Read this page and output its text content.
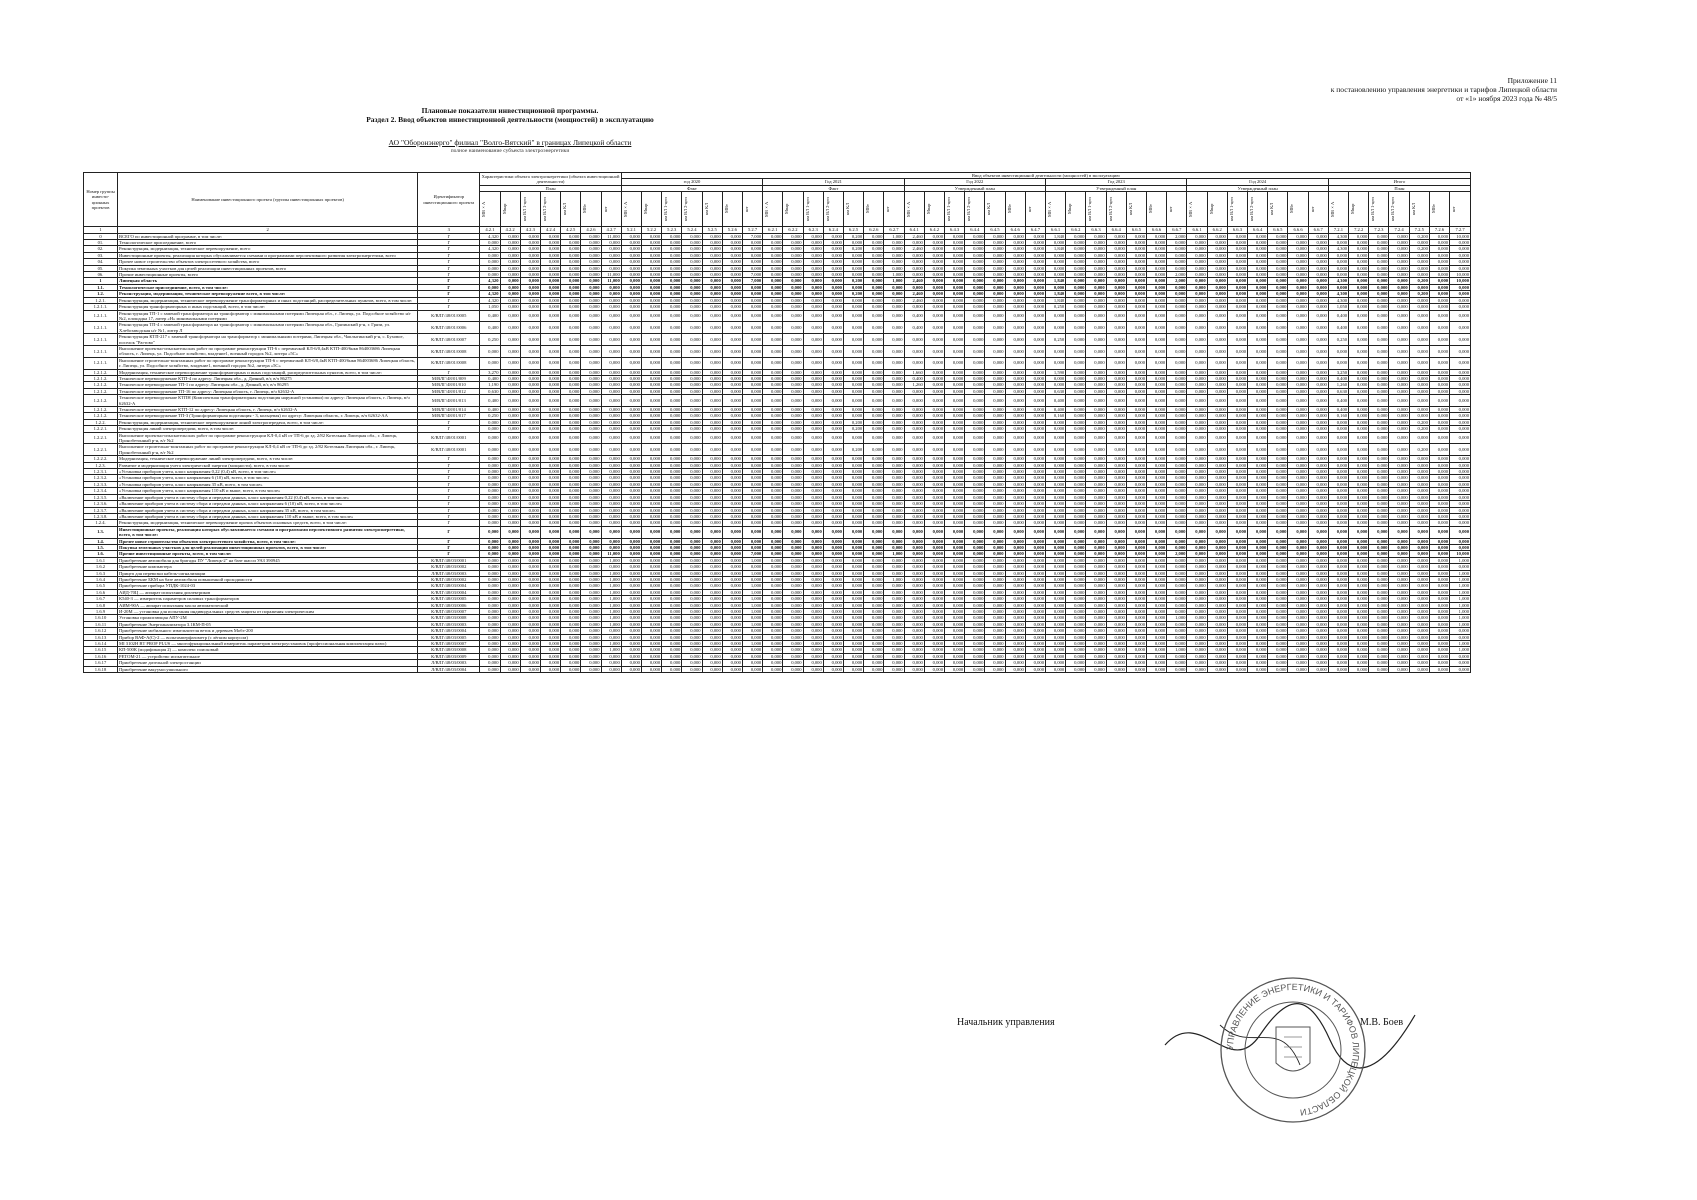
Приложение 11
к постановлению управления энергетики и тарифов Липецкой области
от «1» ноября 2023 года № 48/5
Плановые показатели инвестиционной программы.
Раздел 2. Ввод объектов инвестиционной деятельности (мощностей) в эксплуатацию
АО "Оборонэнерго" филиал "Волго-Вятский" в границах Липецкой области
полное наименование субъекта электроэнергетики
Номер группы инвести-ционных проектов	Наименование инвестиционного проекта (группы инвестиционных проектов)	Идентификатор инвестиционного проекта	Характеристики объекта электроэнергетики (объекта инвестиционной деятельности)							Ввод объектов инвестиционной деятельности (мощностей) в эксплуатацию																																									
										год 2020							Год 2021							Год 2022							Год 2023							Год 2024							Итого						
			План							Факт							Факт							Утвержденный план							Утвержденный план							Утвержденный план							План						

			МВ×А	Мвар	км ВЛ 1-цеп	км ВЛ 2-цеп	км КЛ	МВт	шт	МВ×А	Мвар	км ВЛ 1-цеп	км ВЛ 2-цеп	км КЛ	МВт	шт	МВ×А	Мвар	км ВЛ 1-цеп	км ВЛ 2-цеп	км КЛ	МВт	шт	МВ×А	Мвар	км ВЛ 1-цеп	км ВЛ 2-цеп	км КЛ	МВт	шт	МВ×А	Мвар	км ВЛ 1-цеп	км ВЛ 2-цеп	км КЛ	МВт	шт	МВ×А	Мвар	км ВЛ 1-цеп	км ВЛ 2-цеп	км КЛ	МВт	шт	МВ×А	Мвар	км ВЛ 1-цеп	км ВЛ 2-цеп	км КЛ	МВт	шт

1	2	3	4.2.1	4.2.2	4.2.3	4.2.4	4.2.5	4.2.6	4.2.7	5.2.1	5.2.2	5.2.3	5.2.4	5.2.5	5.2.6	5.2.7	6.2.1	6.2.2	6.2.3	6.2.4	6.2.5	6.2.6	6.2.7	6.4.1	6.4.2	6.4.3	6.4.4	6.4.5	6.4.6	6.4.7	6.6.1	6.6.2	6.6.3	6.6.4	6.6.5	6.6.6	6.6.7	6.6.1	6.6.2	6.6.3	6.6.4	6.6.5	6.6.6	6.6.7	7.2.1	7.2.2	7.2.3	7.2.4	7.2.5	7.2.6	7.2.7
0	ВСЕГО по инвестиционной программе, в том числе:	Г	4,320	0,000	0,000	0,000	0,000	0,000	11,000	0,000	0,000	0,000	0,000	0,000	0,000	7,000	0,000	0,000	0,000	0,000	0,200	0,000	1,000	2,460	0,000	0,000	0,000	0,000	0,000	0,000	1,840	0,000	0,000	0,000	0,000	0,000	2,000	0,000	0,000	0,000	0,000	0,000	0,000	0,000	4,300	0,000	0,000	0,000	0,200	0,000	10,000
01.	Технологическое присоединение, всего	Г	0,000	0,000	0,000	0,000	0,000	0,000	0,000	0,000	0,000	0,000	0,000	0,000	0,000	0,000	0,000	0,000	0,000	0,000	0,000	0,000	0,000	0,000	0,000	0,000	0,000	0,000	0,000	0,000	0,000	0,000	0,000	0,000	0,000	0,000	0,000	0,000	0,000	0,000	0,000	0,000	0,000	0,000	0,000	0,000	0,000	0,000	0,000	0,000	0,000
02.	Реконструкция, модернизация, техническое перевооружение, всего	Г	4,320	0,000	0,000	0,000	0,000	0,000	0,000	0,000	0,000	0,000	0,000	0,000	0,000	0,000	0,000	0,000	0,000	0,000	0,200	0,000	0,000	2,460	0,000	0,000	0,000	0,000	0,000	0,000	1,840	0,000	0,000	0,000	0,000	0,000	0,000	0,000	0,000	0,000	0,000	0,000	0,000	0,000	4,300	0,000	0,000	0,000	0,200	0,000	0,000
03.	Инвестиционные проекты, реализация которых обуславливается схемами и программами перспективного развития электроэнергетики, всего	Г	0,000	0,000	0,000	0,000	0,000	0,000	0,000	0,000	0,000	0,000	0,000	0,000	0,000	0,000	0,000	0,000	0,000	0,000	0,000	0,000	0,000	0,000	0,000	0,000	0,000	0,000	0,000	0,000	0,000	0,000	0,000	0,000	0,000	0,000	0,000	0,000	0,000	0,000	0,000	0,000	0,000	0,000	0,000	0,000	0,000	0,000	0,000	0,000	0,000
04.	Прочее новое строительство объектов электросетевого хозяйства, всего	Г	0,000	0,000	0,000	0,000	0,000	0,000	0,000	0,000	0,000	0,000	0,000	0,000	0,000	0,000	0,000	0,000	0,000	0,000	0,000	0,000	0,000	0,000	0,000	0,000	0,000	0,000	0,000	0,000	0,000	0,000	0,000	0,000	0,000	0,000	0,000	0,000	0,000	0,000	0,000	0,000	0,000	0,000	0,000	0,000	0,000	0,000	0,000	0,000	0,000
05.	Покупка земельных участков для целей реализации инвестиционных проектов, всего	Г	0,000	0,000	0,000	0,000	0,000	0,000	0,000	0,000	0,000	0,000	0,000	0,000	0,000	0,000	0,000	0,000	0,000	0,000	0,000	0,000	0,000	0,000	0,000	0,000	0,000	0,000	0,000	0,000	0,000	0,000	0,000	0,000	0,000	0,000	0,000	0,000	0,000	0,000	0,000	0,000	0,000	0,000	0,000	0,000	0,000	0,000	0,000	0,000	0,000
06.	Прочие инвестиционные проекты, всего	Г	0,000	0,000	0,000	0,000	0,000	0,000	11,000	0,000	0,000	0,000	0,000	0,000	0,000	7,000	0,000	0,000	0,000	0,000	0,000	0,000	1,000	0,000	0,000	0,000	0,000	0,000	0,000	0,000	0,000	0,000	0,000	0,000	0,000	0,000	2,000	0,000	0,000	0,000	0,000	0,000	0,000	0,000	0,000	0,000	0,000	0,000	0,000	0,000	10,000
1	Липецкая область	Г	4,320	0,000	0,000	0,000	0,000	0,000	11,000	0,000	0,000	0,000	0,000	0,000	0,000	7,000	0,000	0,000	0,000	0,000	0,200	0,000	1,000	2,460	0,000	0,000	0,000	0,000	0,000	0,000	1,840	0,000	0,000	0,000	0,000	0,000	2,000	0,000	0,000	0,000	0,000	0,000	0,000	0,000	4,300	0,000	0,000	0,000	0,200	0,000	10,000
1.1.	Технологическое присоединение, всего, в том числе:	Г	0,000	0,000	0,000	0,000	0,000	0,000	0,000	0,000	0,000	0,000	0,000	0,000	0,000	0,000	0,000	0,000	0,000	0,000	0,000	0,000	0,000	0,000	0,000	0,000	0,000	0,000	0,000	0,000	0,000	0,000	0,000	0,000	0,000	0,000	0,000	0,000	0,000	0,000	0,000	0,000	0,000	0,000	0,000	0,000	0,000	0,000	0,000	0,000	0,000
1.2.	Реконструкция, модернизация, техническое перевооружение всего, в том числе:	Г	4,320	0,000	0,000	0,000	0,000	0,000	0,000	0,000	0,000	0,000	0,000	0,000	0,000	0,000	0,000	0,000	0,000	0,000	0,200	0,000	0,000	2,460	0,000	0,000	0,000	0,000	0,000	0,000	1,840	0,000	0,000	0,000	0,000	0,000	0,000	0,000	0,000	0,000	0,000	0,000	0,000	0,000	4,300	0,000	0,000	0,000	0,200	0,000	0,000
1.2.1.	Реконструкция, модернизация, техническое перевооружение трансформаторных и иных подстанций, распределительных пунктов, всего, в том числе:	Г	4,320	0,000	0,000	0,000	0,000	0,000	0,000	0,000	0,000	0,000	0,000	0,000	0,000	0,000	0,000	0,000	0,000	0,000	0,000	0,000	0,000	2,460	0,000	0,000	0,000	0,000	0,000	0,000	1,840	0,000	0,000	0,000	0,000	0,000	0,000	0,000	0,000	0,000	0,000	0,000	0,000	0,000	4,300	0,000	0,000	0,000	0,000	0,000	0,000
1.2.1.1.	Реконструкция трансформаторных и иных подстанций, всего, в том числе:	Г	1,050	0,000	0,000	0,000	0,000	0,000	0,000	0,000	0,000	0,000	0,000	0,000	0,000	0,000	0,000	0,000	0,000	0,000	0,000	0,000	0,000	0,800	0,000	0,000	0,000	0,000	0,000	0,000	0,250	0,000	0,000	0,000	0,000	0,000	0,000	0,000	0,000	0,000	0,000	0,000	0,000	0,000	1,050	0,000	0,000	0,000	0,000	0,000	0,000
1.2.1.1.	Реконструкция ТП-1 с заменой трансформатора на трансформатор с минимальными потерями Липецкая обл., г. Липецк, ул. Подсобное хозяйство н/г №2, площадка 17, литер «Н» минимальными потерями	К/ВЛГ/48/01/0005	0,400	0,000	0,000	0,000	0,000	0,000	0,000	0,000	0,000	0,000	0,000	0,000	0,000	0,000	0,000	0,000	0,000	0,000	0,000	0,000	0,000	0,400	0,000	0,000	0,000	0,000	0,000	0,000	0,000	0,000	0,000	0,000	0,000	0,000	0,000	0,000	0,000	0,000	0,000	0,000	0,000	0,000	0,400	0,000	0,000	0,000	0,000	0,000	0,000
1.2.1.1.	Реконструкция ТП-4 с заменой трансформатора на трансформатор с минимальными потерями Липецкая обл., Грязинский р-н, г. Грязи, ул. Хлебозаводская н/г №1, литер Л	К/ВЛГ/48/01/0006	0,400	0,000	0,000	0,000	0,000	0,000	0,000	0,000	0,000	0,000	0,000	0,000	0,000	0,000	0,000	0,000	0,000	0,000	0,000	0,000	0,000	0,400	0,000	0,000	0,000	0,000	0,000	0,000	0,000	0,000	0,000	0,000	0,000	0,000	0,000	0,000	0,000	0,000	0,000	0,000	0,000	0,000	0,400	0,000	0,000	0,000	0,000	0,000	0,000
1.2.1.1.	Реконструкция КТП-217 с заменой трансформатора на трансформатор с минимальными потерями, Липецкая обл., Чаплыгинский р-н, с. Буховое, поселок "Рагтово"	К/ВЛГ/48/01/0007	0,250	0,000	0,000	0,000	0,000	0,000	0,000	0,000	0,000	0,000	0,000	0,000	0,000	0,000	0,000	0,000	0,000	0,000	0,000	0,000	0,000	0,000	0,000	0,000	0,000	0,000	0,000	0,000	0,250	0,000	0,000	0,000	0,000	0,000	0,000	0,000	0,000	0,000	0,000	0,000	0,000	0,000	0,250	0,000	0,000	0,000	0,000	0,000	0,000
1.2.1.1.	Выполнение проектно-изыскательских работ по программе реконструкции ТП-6 с перемычкой КЛ-6/0,4кВ КТП-400/6нкв 864003686 Липецкая область, г. Липецк, ул. Подсобное хозяйство, владение1, военный городок №2, литера «5С»	К/ВЛГ/48/01/0008	0,000	0,000	0,000	0,000	0,000	0,000	0,000	0,000	0,000	0,000	0,000	0,000	0,000	0,000	0,000	0,000	0,000	0,000	0,000	0,000	0,000	0,000	0,000	0,000	0,000	0,000	0,000	0,000	0,000	0,000	0,000	0,000	0,000	0,000	0,000	0,000	0,000	0,000	0,000	0,000	0,000	0,000	0,000	0,000	0,000	0,000	0,000	0,000	0,000
1.2.1.1.	Выполнение строительно-монтажных работ по программе реконструкции ТП-6 с перемычкой КЛ-6/0,4кВ КТП-400/6нкв 864003686 Липецкая область, г. Липецк, ул. Подсобное хозяйство, владение1, военный городок №2, литера «5С»	К/ВЛГ/48/01/0008	0,000	0,000	0,000	0,000	0,000	0,000	0,000	0,000	0,000	0,000	0,000	0,000	0,000	0,000	0,000	0,000	0,000	0,000	0,000	0,000	0,000	0,000	0,000	0,000	0,000	0,000	0,000	0,000	0,000	0,000	0,000	0,000	0,000	0,000	0,000	0,000	0,000	0,000	0,000	0,000	0,000	0,000	0,000	0,000	0,000	0,000	0,000	0,000	0,000
1.2.1.2.	Модернизация, техническое перевооружение трансформаторных и иных подстанций, распределительных пунктов, всего, в том числе:	Г	3,270	0,000	0,000	0,000	0,000	0,000	0,000	0,000	0,000	0,000	0,000	0,000	0,000	0,000	0,000	0,000	0,000	0,000	0,000	0,000	0,000	1,660	0,000	0,000	0,000	0,000	0,000	0,000	1,590	0,000	0,000	0,000	0,000	0,000	0,000	0,000	0,000	0,000	0,000	0,000	0,000	0,000	3,250	0,000	0,000	0,000	0,000	0,000	0,000
1.2.1.2.	Техническое перевооружение КТП-4 по адресу: Липецкая обл., д. Дачный, в/г, в/ч 86275	М/ВЛГ/48/01/009	0,400	0,000	0,000	0,000	0,000	0,000	0,000	0,000	0,000	0,000	0,000	0,000	0,000	0,000	0,000	0,000	0,000	0,000	0,000	0,000	0,000	0,400	0,000	0,000	0,000	0,000	0,000	0,000	0,000	0,000	0,000	0,000	0,000	0,000	0,000	0,000	0,000	0,000	0,000	0,000	0,000	0,000	0,400	0,000	0,000	0,000	0,000	0,000	0,000
1.2.1.2.	Техническое перевооружение ТП-1 по адресу: Липецкая обл., д. Дачный, в/г, в/ч 86295	М/ВЛГ/48/01/010	1,190	0,000	0,000	0,000	0,000	0,000	0,000	0,000	0,000	0,000	0,000	0,000	0,000	0,000	0,000	0,000	0,000	0,000	0,000	0,000	0,000	1,260	0,000	0,000	0,000	0,000	0,000	0,000	0,000	0,000	0,000	0,000	0,000	0,000	0,000	0,000	0,000	0,000	0,000	0,000	0,000	0,000	1,260	0,000	0,000	0,000	0,000	0,000	0,000
1.2.1.2.	Техническое перевооружение ТП-16 по адресу: Липецкая область, г. Липецк, в/ч 62632-А	М/ВЛГ/48/01/012	0,630	0,000	0,000	0,000	0,000	0,000	0,000	0,000	0,000	0,000	0,000	0,000	0,000	0,000	0,000	0,000	0,000	0,000	0,000	0,000	0,000	0,000	0,000	0,000	0,000	0,000	0,000	0,000	0,630	0,000	0,000	0,000	0,000	0,000	0,000	0,000	0,000	0,000	0,000	0,000	0,000	0,000	0,630	0,000	0,000	0,000	0,000	0,000	0,000
1.2.1.2.	Техническое перевооружение КТПН (Комплектная трансформаторная подстанция наружной установки) по адресу: Липецкая область, г. Липецк, в/ч 62632-А	М/ВЛГ/48/01/013	0,400	0,000	0,000	0,000	0,000	0,000	0,000	0,000	0,000	0,000	0,000	0,000	0,000	0,000	0,000	0,000	0,000	0,000	0,000	0,000	0,000	0,000	0,000	0,000	0,000	0,000	0,000	0,000	0,400	0,000	0,000	0,000	0,000	0,000	0,000	0,000	0,000	0,000	0,000	0,000	0,000	0,000	0,400	0,000	0,000	0,000	0,000	0,000	0,000
1.2.1.2.	Техническое перевооружение КТП-12 по адресу: Липецкая область, г. Липецк, в/ч 62632-А	М/ВЛГ/48/01/014	0,400	0,000	0,000	0,000	0,000	0,000	0,000	0,000	0,000	0,000	0,000	0,000	0,000	0,000	0,000	0,000	0,000	0,000	0,000	0,000	0,000	0,000	0,000	0,000	0,000	0,000	0,000	0,000	0,400	0,000	0,000	0,000	0,000	0,000	0,000	0,000	0,000	0,000	0,000	0,000	0,000	0,000	0,400	0,000	0,000	0,000	0,000	0,000	0,000
1.2.1.2.	Техническое перевооружение ТП-3 (Трансформаторная подстанция - 3, кольцевая) по адресу: Липецкая область, г. Липецк, в/ч 62632-АА	М/ВЛГ/48/01/017	0,250	0,000	0,000	0,000	0,000	0,000	0,000	0,000	0,000	0,000	0,000	0,000	0,000	0,000	0,000	0,000	0,000	0,000	0,000	0,000	0,000	0,000	0,000	0,000	0,000	0,000	0,000	0,000	0,160	0,000	0,000	0,000	0,000	0,000	0,000	0,000	0,000	0,000	0,000	0,000	0,000	0,000	0,160	0,000	0,000	0,000	0,000	0,000	0,000
1.2.2.	Реконструкция, модернизация, техническое перевооружение линий электропередачи, всего, в том числе:	Г	0,000	0,000	0,000	0,000	0,000	0,000	0,000	0,000	0,000	0,000	0,000	0,000	0,000	0,000	0,000	0,000	0,000	0,000	0,200	0,000	0,000	0,000	0,000	0,000	0,000	0,000	0,000	0,000	0,000	0,000	0,000	0,000	0,000	0,000	0,000	0,000	0,000	0,000	0,000	0,000	0,000	0,000	0,000	0,000	0,000	0,000	0,200	0,000	0,000
1.2.2.1.	Реконструкция линий электропередачи, всего, в том числе:	Г	0,000	0,000	0,000	0,000	0,000	0,000	0,000	0,000	0,000	0,000	0,000	0,000	0,000	0,000	0,000	0,000	0,000	0,000	0,200	0,000	0,000	0,000	0,000	0,000	0,000	0,000	0,000	0,000	0,000	0,000	0,000	0,000	0,000	0,000	0,000	0,000	0,000	0,000	0,000	0,000	0,000	0,000	0,000	0,000	0,000	0,000	0,200	0,000	0,000
1.2.2.1.	Выполнение проектно-изыскательских работ по программе реконструкции КЛ-0,4 кВ от ТП-6 до зд. 2/82 Котельная Липецкая обл., г. Липецк, Пронобетонный р-н, в/г №2	К/ВЛГ/48/01/0001	0,000	0,000	0,000	0,000	0,000	0,000	0,000	0,000	0,000	0,000	0,000	0,000	0,000	0,000	0,000	0,000	0,000	0,000	0,000	0,000	0,000	0,000	0,000	0,000	0,000	0,000	0,000	0,000	0,000	0,000	0,000	0,000	0,000	0,000	0,000	0,000	0,000	0,000	0,000	0,000	0,000	0,000	0,000	0,000	0,000	0,000	0,000	0,000	0,000
1.2.2.1.	Выполнение строительно-монтажных работ по программе реконструкции КЛ-0,4 кВ от ТП-6 до зд. 2/82 Котельная Липецкая обл., г. Липецк, Пронобетонный р-н, в/г №2	К/ВЛГ/48/01/0001	0,000	0,000	0,000	0,000	0,000	0,000	0,000	0,000	0,000	0,000	0,000	0,000	0,000	0,000	0,000	0,000	0,000	0,000	0,200	0,000	0,000	0,000	0,000	0,000	0,000	0,000	0,000	0,000	0,000	0,000	0,000	0,000	0,000	0,000	0,000	0,000	0,000	0,000	0,000	0,000	0,000	0,000	0,000	0,000	0,000	0,000	0,200	0,000	0,000
1.2.2.2.	Модернизация, техническое перевооружение линий электропередачи, всего, в том числе:	Г	0,000	0,000	0,000	0,000	0,000	0,000	0,000	0,000	0,000	0,000	0,000	0,000	0,000	0,000	0,000	0,000	0,000	0,000	0,000	0,000	0,000	0,000	0,000	0,000	0,000	0,000	0,000	0,000	0,000	0,000	0,000	0,000	0,000	0,000	0,000	0,000	0,000	0,000	0,000	0,000	0,000	0,000	0,000	0,000	0,000	0,000	0,000	0,000	0,000
1.2.3.	Развитие и модернизация учета электрической энергии (мощности), всего, в том числе:	Г	0,000	0,000	0,000	0,000	0,000	0,000	0,000	0,000	0,000	0,000	0,000	0,000	0,000	0,000	0,000	0,000	0,000	0,000	0,000	0,000	0,000	0,000	0,000	0,000	0,000	0,000	0,000	0,000	0,000	0,000	0,000	0,000	0,000	0,000	0,000	0,000	0,000	0,000	0,000	0,000	0,000	0,000	0,000	0,000	0,000	0,000	0,000	0,000	0,000
1.2.3.1.	«Установка приборов учета, класс напряжения 0,22 (0,4) кВ, всего, в том числе»	Г	0,000	0,000	0,000	0,000	0,000	0,000	0,000	0,000	0,000	0,000	0,000	0,000	0,000	0,000	0,000	0,000	0,000	0,000	0,000	0,000	0,000	0,000	0,000	0,000	0,000	0,000	0,000	0,000	0,000	0,000	0,000	0,000	0,000	0,000	0,000	0,000	0,000	0,000	0,000	0,000	0,000	0,000	0,000	0,000	0,000	0,000	0,000	0,000	0,000
1.2.3.2.	«Установка приборов учета, класс напряжения 6 (10) кВ, всего, в том числе»	Г	0,000	0,000	0,000	0,000	0,000	0,000	0,000	0,000	0,000	0,000	0,000	0,000	0,000	0,000	0,000	0,000	0,000	0,000	0,000	0,000	0,000	0,000	0,000	0,000	0,000	0,000	0,000	0,000	0,000	0,000	0,000	0,000	0,000	0,000	0,000	0,000	0,000	0,000	0,000	0,000	0,000	0,000	0,000	0,000	0,000	0,000	0,000	0,000	0,000
1.2.3.3.	«Установка приборов учета, класс напряжения 35 кВ, всего, в том числе»	Г	0,000	0,000	0,000	0,000	0,000	0,000	0,000	0,000	0,000	0,000	0,000	0,000	0,000	0,000	0,000	0,000	0,000	0,000	0,000	0,000	0,000	0,000	0,000	0,000	0,000	0,000	0,000	0,000	0,000	0,000	0,000	0,000	0,000	0,000	0,000	0,000	0,000	0,000	0,000	0,000	0,000	0,000	0,000	0,000	0,000	0,000	0,000	0,000	0,000
1.2.3.4.	«Установка приборов учета, класс напряжения 110 кВ и выше, всего, в том числе»	Г	0,000	0,000	0,000	0,000	0,000	0,000	0,000	0,000	0,000	0,000	0,000	0,000	0,000	0,000	0,000	0,000	0,000	0,000	0,000	0,000	0,000	0,000	0,000	0,000	0,000	0,000	0,000	0,000	0,000	0,000	0,000	0,000	0,000	0,000	0,000	0,000	0,000	0,000	0,000	0,000	0,000	0,000	0,000	0,000	0,000	0,000	0,000	0,000	0,000
1.2.3.5.	«Включение приборов учета в систему сбора и передачи данных, класс напряжения 0,22 (0,4) кВ, всего, в том числе»	Г	0,000	0,000	0,000	0,000	0,000	0,000	0,000	0,000	0,000	0,000	0,000	0,000	0,000	0,000	0,000	0,000	0,000	0,000	0,000	0,000	0,000	0,000	0,000	0,000	0,000	0,000	0,000	0,000	0,000	0,000	0,000	0,000	0,000	0,000	0,000	0,000	0,000	0,000	0,000	0,000	0,000	0,000	0,000	0,000	0,000	0,000	0,000	0,000	0,000
1.2.3.6.	«Включение приборов учета в систему сбора и передачи данных, класс напряжения 6 (10) кВ, всего, в том числе»	Г	0,000	0,000	0,000	0,000	0,000	0,000	0,000	0,000	0,000	0,000	0,000	0,000	0,000	0,000	0,000	0,000	0,000	0,000	0,000	0,000	0,000	0,000	0,000	0,000	0,000	0,000	0,000	0,000	0,000	0,000	0,000	0,000	0,000	0,000	0,000	0,000	0,000	0,000	0,000	0,000	0,000	0,000	0,000	0,000	0,000	0,000	0,000	0,000	0,000
1.2.3.7.	«Включение приборов учета в систему сбора и передачи данных, класс напряжения 35 кВ, всего, в том числе»	Г	0,000	0,000	0,000	0,000	0,000	0,000	0,000	0,000	0,000	0,000	0,000	0,000	0,000	0,000	0,000	0,000	0,000	0,000	0,000	0,000	0,000	0,000	0,000	0,000	0,000	0,000	0,000	0,000	0,000	0,000	0,000	0,000	0,000	0,000	0,000	0,000	0,000	0,000	0,000	0,000	0,000	0,000	0,000	0,000	0,000	0,000	0,000	0,000	0,000
1.2.3.8.	«Включение приборов учета в систему сбора и передачи данных, класс напряжения 110 кВ и выше, всего, в том числе»	Г	0,000	0,000	0,000	0,000	0,000	0,000	0,000	0,000	0,000	0,000	0,000	0,000	0,000	0,000	0,000	0,000	0,000	0,000	0,000	0,000	0,000	0,000	0,000	0,000	0,000	0,000	0,000	0,000	0,000	0,000	0,000	0,000	0,000	0,000	0,000	0,000	0,000	0,000	0,000	0,000	0,000	0,000	0,000	0,000	0,000	0,000	0,000	0,000	0,000
1.2.4.	Реконструкция, модернизация, техническое перевооружение прочих объектов основных средств, всего, в том числе:	Г	0,000	0,000	0,000	0,000	0,000	0,000	0,000	0,000	0,000	0,000	0,000	0,000	0,000	0,000	0,000	0,000	0,000	0,000	0,000	0,000	0,000	0,000	0,000	0,000	0,000	0,000	0,000	0,000	0,000	0,000	0,000	0,000	0,000	0,000	0,000	0,000	0,000	0,000	0,000	0,000	0,000	0,000	0,000	0,000	0,000	0,000	0,000	0,000	0,000
1.3.	Инвестиционные проекты, реализация которых обуславливается схемами и программами перспективного развития электроэнергетики, всего, в том числе:	Г	0,000	0,000	0,000	0,000	0,000	0,000	0,000	0,000	0,000	0,000	0,000	0,000	0,000	0,000	0,000	0,000	0,000	0,000	0,000	0,000	0,000	0,000	0,000	0,000	0,000	0,000	0,000	0,000	0,000	0,000	0,000	0,000	0,000	0,000	0,000	0,000	0,000	0,000	0,000	0,000	0,000	0,000	0,000	0,000	0,000	0,000	0,000	0,000	0,000
1.4.	Прочее новое строительство объектов электросетевого хозяйства, всего, в том числе:	Г	0,000	0,000	0,000	0,000	0,000	0,000	0,000	0,000	0,000	0,000	0,000	0,000	0,000	0,000	0,000	0,000	0,000	0,000	0,000	0,000	0,000	0,000	0,000	0,000	0,000	0,000	0,000	0,000	0,000	0,000	0,000	0,000	0,000	0,000	0,000	0,000	0,000	0,000	0,000	0,000	0,000	0,000	0,000	0,000	0,000	0,000	0,000	0,000	0,000
1.5.	Покупка земельных участков для целей реализации инвестиционных проектов, всего, в том числе:	Г	0,000	0,000	0,000	0,000	0,000	0,000	0,000	0,000	0,000	0,000	0,000	0,000	0,000	0,000	0,000	0,000	0,000	0,000	0,000	0,000	0,000	0,000	0,000	0,000	0,000	0,000	0,000	0,000	0,000	0,000	0,000	0,000	0,000	0,000	0,000	0,000	0,000	0,000	0,000	0,000	0,000	0,000	0,000	0,000	0,000	0,000	0,000	0,000	0,000
1.6.	Прочие инвестиционные проекты, всего, в том числе:	Г	0,000	0,000	0,000	0,000	0,000	0,000	11,000	0,000	0,000	0,000	0,000	0,000	0,000	7,000	0,000	0,000	0,000	0,000	0,000	0,000	1,000	0,000	0,000	0,000	0,000	0,000	0,000	0,000	0,000	0,000	0,000	0,000	0,000	0,000	2,000	0,000	0,000	0,000	0,000	0,000	0,000	0,000	0,000	0,000	0,000	0,000	0,000	0,000	10,000
1.6.1	Приобретение автомобиля для бригады ПУ "Липецк-2" на базе шасси УАЗ 390945	К/ВЛГ/48/03/0001	0,000	0,000	0,000	0,000	0,000	0,000	1,000	0,000	0,000	0,000	0,000	0,000	0,000	1,000	0,000	0,000	0,000	0,000	0,000	0,000	0,000	0,000	0,000	0,000	0,000	0,000	0,000	0,000	0,000	0,000	0,000	0,000	0,000	0,000	0,000	0,000	0,000	0,000	0,000	0,000	0,000	0,000	0,000	0,000	0,000	0,000	0,000	0,000	1,000
1.6.2	Приобретение компьютера	К/ВЛГ/48/03/0002	0,000	0,000	0,000	0,000	0,000	0,000	0,000	0,000	0,000	0,000	0,000	0,000	0,000	0,000	0,000	0,000	0,000	0,000	0,000	0,000	0,000	0,000	0,000	0,000	0,000	0,000	0,000	0,000	0,000	0,000	0,000	0,000	0,000	0,000	0,000	0,000	0,000	0,000	0,000	0,000	0,000	0,000	0,000	0,000	0,000	0,000	0,000	0,000	0,000
1.6.3	Прицеп для перевозки кабель-сигнализации	Л/ВЛГ/48/03/0003	0,000	0,000	0,000	0,000	0,000	0,000	1,000	0,000	0,000	0,000	0,000	0,000	0,000	1,000	0,000	0,000	0,000	0,000	0,000	0,000	0,000	0,000	0,000	0,000	0,000	0,000	0,000	0,000	0,000	0,000	0,000	0,000	0,000	0,000	0,000	0,000	0,000	0,000	0,000	0,000	0,000	0,000	0,000	0,000	0,000	0,000	0,000	0,000	1,000
1.6.4	Приобретение БКМ на базе автомобиля повышенной проходимости	К/ВЛГ/48/03/0002	0,000	0,000	0,000	0,000	0,000	0,000	1,000	0,000	0,000	0,000	0,000	0,000	0,000	0,000	0,000	0,000	0,000	0,000	0,000	0,000	1,000	0,000	0,000	0,000	0,000	0,000	0,000	0,000	0,000	0,000	0,000	0,000	0,000	0,000	0,000	0,000	0,000	0,000	0,000	0,000	0,000	0,000	0,000	0,000	0,000	0,000	0,000	0,000	1,000
1.6.5	Приобретение прибора УПДК-1024-03	К/ВЛГ/48/03/0004	0,000	0,000	0,000	0,000	0,000	0,000	1,000	0,000	0,000	0,000	0,000	0,000	0,000	1,000	0,000	0,000	0,000	0,000	0,000	0,000	0,000	0,000	0,000	0,000	0,000	0,000	0,000	0,000	0,000	0,000	0,000	0,000	0,000	0,000	0,000	0,000	0,000	0,000	0,000	0,000	0,000	0,000	0,000	0,000	0,000	0,000	0,000	0,000	1,000
1.6.6	АИД-70Ц — аппарат испытания диэлектриков	К/ВЛГ/48/03/0004	0,000	0,000	0,000	0,000	0,000	0,000	1,000	0,000	0,000	0,000	0,000	0,000	0,000	1,000	0,000	0,000	0,000	0,000	0,000	0,000	0,000	0,000	0,000	0,000	0,000	0,000	0,000	0,000	0,000	0,000	0,000	0,000	0,000	0,000	0,000	0,000	0,000	0,000	0,000	0,000	0,000	0,000	0,000	0,000	0,000	0,000	0,000	0,000	1,000
1.6.7	К540-3 — измеритель параметров силовых трансформаторов	К/ВЛГ/48/03/0005	0,000	0,000	0,000	0,000	0,000	0,000	1,000	0,000	0,000	0,000	0,000	0,000	0,000	1,000	0,000	0,000	0,000	0,000	0,000	0,000	0,000	0,000	0,000	0,000	0,000	0,000	0,000	0,000	0,000	0,000	0,000	0,000	0,000	0,000	0,000	0,000	0,000	0,000	0,000	0,000	0,000	0,000	0,000	0,000	0,000	0,000	0,000	0,000	1,000
1.6.8	АИМ-90А — аппарат испытания масла автоматический	К/ВЛГ/48/03/0006	0,000	0,000	0,000	0,000	0,000	0,000	1,000	0,000	0,000	0,000	0,000	0,000	0,000	1,000	0,000	0,000	0,000	0,000	0,000	0,000	0,000	0,000	0,000	0,000	0,000	0,000	0,000	0,000	0,000	0,000	0,000	0,000	0,000	0,000	0,000	0,000	0,000	0,000	0,000	0,000	0,000	0,000	0,000	0,000	0,000	0,000	0,000	0,000	1,000
1.6.9	И-20М — установка для испытания индивидуальных средств защиты от поражения электрическим	К/ВЛГ/48/03/0007	0,000	0,000	0,000	0,000	0,000	0,000	1,000	0,000	0,000	0,000	0,000	0,000	0,000	1,000	0,000	0,000	0,000	0,000	0,000	0,000	0,000	0,000	0,000	0,000	0,000	0,000	0,000	0,000	0,000	0,000	0,000	0,000	0,000	0,000	0,000	0,000	0,000	0,000	0,000	0,000	0,000	0,000	0,000	0,000	0,000	0,000	0,000	0,000	1,000
1.6.10	Установка прожигающая АПУ-2М	К/ВЛГ/48/03/0008	0,000	0,000	0,000	0,000	0,000	0,000	1,000	0,000	0,000	0,000	0,000	0,000	0,000	0,000	0,000	0,000	0,000	0,000	0,000	0,000	0,000	0,000	0,000	0,000	0,000	0,000	0,000	0,000	0,000	0,000	0,000	0,000	0,000	0,000	1,000	0,000	0,000	0,000	0,000	0,000	0,000	0,000	0,000	0,000	0,000	0,000	0,000	0,000	1,000
1.6.11	Приобретение Энергоанализатора 3.1КМ-П-05	К/ВЛГ/48/03/0003	0,000	0,000	0,000	0,000	0,000	0,000	1,000	0,000	0,000	0,000	0,000	0,000	0,000	1,000	0,000	0,000	0,000	0,000	0,000	0,000	0,000	0,000	0,000	0,000	0,000	0,000	0,000	0,000	0,000	0,000	0,000	0,000	0,000	0,000	0,000	0,000	0,000	0,000	0,000	0,000	0,000	0,000	0,000	0,000	0,000	0,000	0,000	0,000	1,000
1.6.12	Приобретение мобильного измельчителя веток и деревьев Мобэ-200	К/ВЛГ/48/03/0004	0,000	0,000	0,000	0,000	0,000	0,000	0,000	0,000	0,000	0,000	0,000	0,000	0,000	0,000	0,000	0,000	0,000	0,000	0,000	0,000	0,000	0,000	0,000	0,000	0,000	0,000	0,000	0,000	0,000	0,000	0,000	0,000	0,000	0,000	0,000	0,000	0,000	0,000	0,000	0,000	0,000	0,000	0,000	0,000	0,000	0,000	0,000	0,000	0,000
1.6.13	Прибор ВАФ-А(С)-2 — вольтамперфазометр (с лёгким корпусом)	К/ВЛГ/48/03/0005	0,000	0,000	0,000	0,000	0,000	0,000	0,000	0,000	0,000	0,000	0,000	0,000	0,000	0,000	0,000	0,000	0,000	0,000	0,000	0,000	0,000	0,000	0,000	0,000	0,000	0,000	0,000	0,000	0,000	0,000	0,000	0,000	0,000	0,000	0,000	0,000	0,000	0,000	0,000	0,000	0,000	0,000	0,000	0,000	0,000	0,000	0,000	0,000	0,000
1.6.14	MI 3102H BT PROF PLUS — многофункциональный измеритель параметров электроустановок (профессиональная комплектация плюс)	К/ВЛГ/48/03/0007	0,000	0,000	0,000	0,000	0,000	0,000	1,000	0,000	0,000	0,000	0,000	0,000	0,000	1,000	0,000	0,000	0,000	0,000	0,000	0,000	0,000	0,000	0,000	0,000	0,000	0,000	0,000	0,000	0,000	0,000	0,000	0,000	0,000	0,000	0,000	0,000	0,000	0,000	0,000	0,000	0,000	0,000	0,000	0,000	0,000	0,000	0,000	0,000	1,000
1.6.15	КП-500К (модификация 2) — комплекс поисковый	К/ВЛГ/48/03/0008	0,000	0,000	0,000	0,000	0,000	0,000	1,000	0,000	0,000	0,000	0,000	0,000	0,000	0,000	0,000	0,000	0,000	0,000	0,000	0,000	0,000	0,000	0,000	0,000	0,000	0,000	0,000	0,000	0,000	0,000	0,000	0,000	0,000	0,000	1,000	0,000	0,000	0,000	0,000	0,000	0,000	0,000	0,000	0,000	0,000	0,000	0,000	0,000	1,000
1.6.16	РЕТОМ-21 — устройство испытательное	К/ВЛГ/48/03/0009	0,000	0,000	0,000	0,000	0,000	0,000	0,000	0,000	0,000	0,000	0,000	0,000	0,000	0,000	0,000	0,000	0,000	0,000	0,000	0,000	0,000	0,000	0,000	0,000	0,000	0,000	0,000	0,000	0,000	0,000	0,000	0,000	0,000	0,000	0,000	0,000	0,000	0,000	0,000	0,000	0,000	0,000	0,000	0,000	0,000	0,000	0,000	0,000	0,000
1.6.17	Приобретение дизельной электростанции	Л/ВЛГ/48/03/0003	0,000	0,000	0,000	0,000	0,000	0,000	0,000	0,000	0,000	0,000	0,000	0,000	0,000	0,000	0,000	0,000	0,000	0,000	0,000	0,000	0,000	0,000	0,000	0,000	0,000	0,000	0,000	0,000	0,000	0,000	0,000	0,000	0,000	0,000	0,000	0,000	0,000	0,000	0,000	0,000	0,000	0,000	0,000	0,000	0,000	0,000	0,000	0,000	0,000
1.6.18	Приобретение вакуумосушильного	Л/ВЛГ/48/03/0004	0,000	0,000	0,000	0,000	0,000	0,000	0,000	0,000	0,000	0,000	0,000	0,000	0,000	0,000	0,000	0,000	0,000	0,000	0,000	0,000	0,000	0,000	0,000	0,000	0,000	0,000	0,000	0,000	0,000	0,000	0,000	0,000	0,000	0,000	0,000	0,000	0,000	0,000	0,000	0,000	0,000	0,000	0,000	0,000	0,000	0,000	0,000	0,000	0,000
Начальник управления	М.В. Боев
УПРАВЛЕНИЕ ЭНЕРГЕТИКИ И ТАРИФОВ ЛИПЕЦКОЙ ОБЛАСТИ
